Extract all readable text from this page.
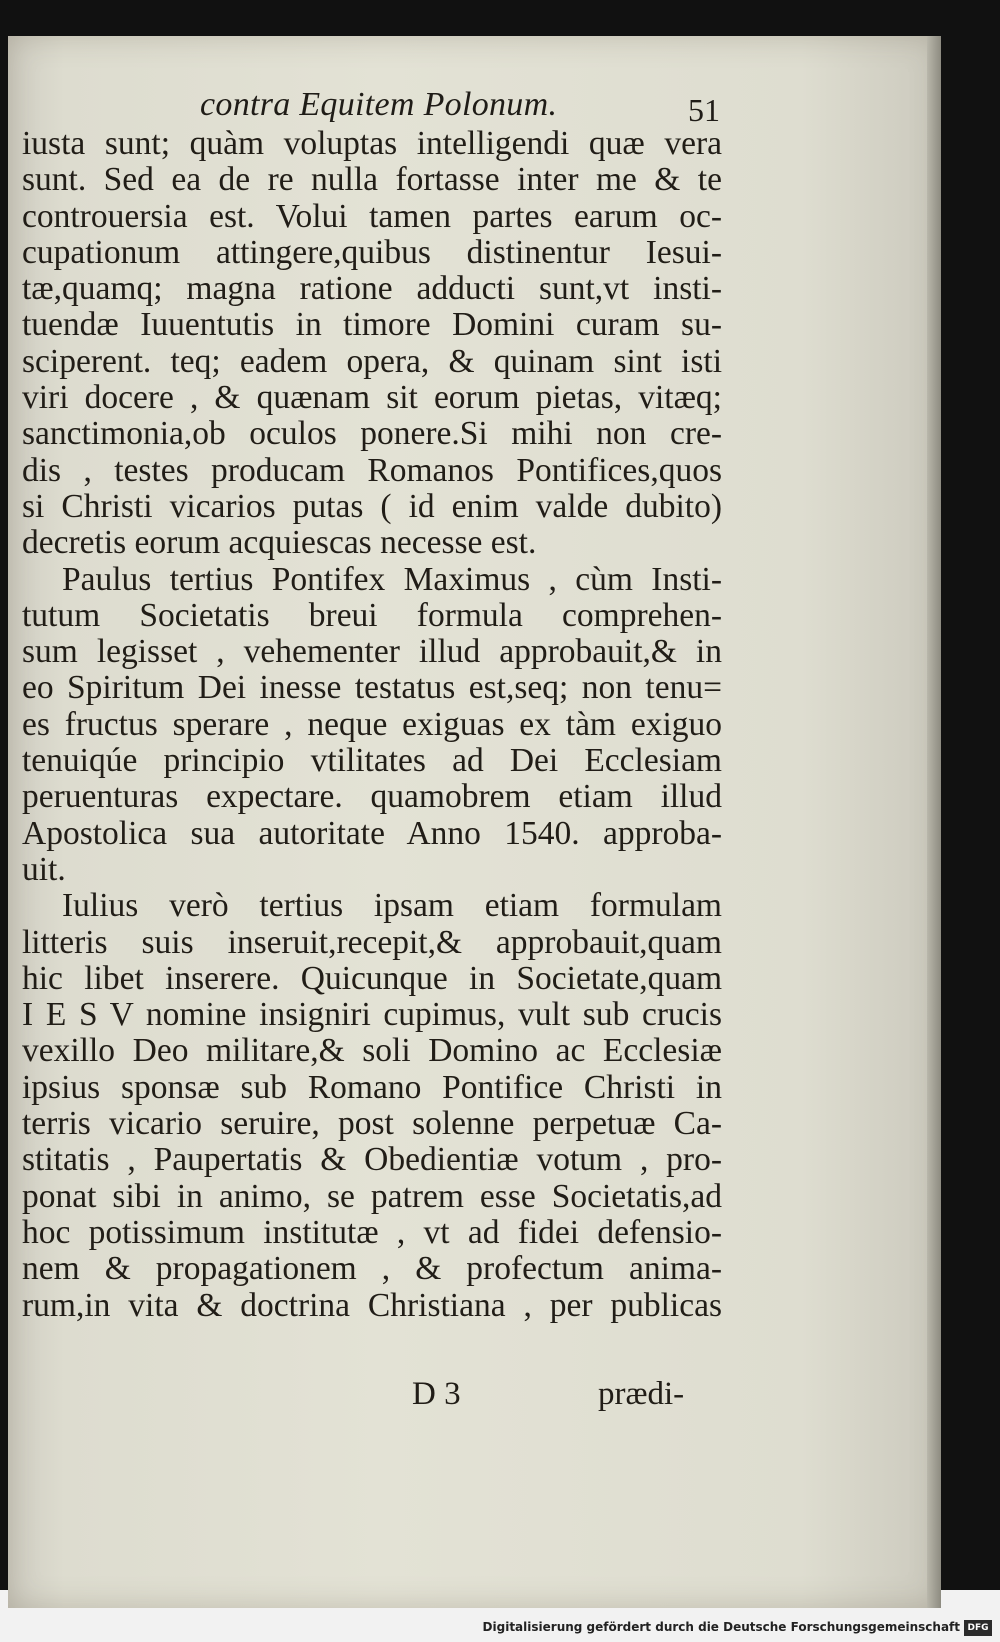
contra Equitem Polonum.	51
iusta sunt; quàm voluptas intelligendi quæ vera
sunt. Sed ea de re nulla fortasse inter me & te
controuersia est. Volui tamen partes earum oc-
cupationum attingere,quibus distinentur Iesui-
tæ,quamq; magna ratione adducti sunt,vt insti-
tuendæ Iuuentutis in timore Domini curam su-
sciperent. teq; eadem opera, & quinam sint isti
viri docere , & quænam sit eorum pietas, vitæq;
sanctimonia,ob oculos ponere.Si mihi non cre-
dis , testes producam Romanos Pontifices,quos
si Christi vicarios putas ( id enim valde dubito)
decretis eorum acquiescas necesse est.
Paulus tertius Pontifex Maximus , cùm Insti-
tutum Societatis breui formula comprehen-
sum legisset , vehementer illud approbauit,& in
eo Spiritum Dei inesse testatus est,seq; non tenu=
es fructus sperare , neque exiguas ex tàm exiguo
tenuiqúe principio vtilitates ad Dei Ecclesiam
peruenturas expectare. quamobrem etiam illud
Apostolica sua autoritate Anno 1540. approba-
uit.
Iulius verò tertius ipsam etiam formulam
litteris suis inseruit,recepit,& approbauit,quam
hic libet inserere. Quicunque in Societate,quam
I E S V nomine insigniri cupimus, vult sub crucis
vexillo Deo militare,& soli Domino ac Ecclesiæ
ipsius sponsæ sub Romano Pontifice Christi in
terris vicario seruire, post solenne perpetuæ Ca-
stitatis , Paupertatis & Obedientiæ votum , pro-
ponat sibi in animo, se patrem esse Societatis,ad
hoc potissimum institutæ , vt ad fidei defensio-
nem & propagationem , & profectum anima-
rum,in vita & doctrina Christiana , per publicas
D 3	prædi-
Digitalisierung gefördert durch die Deutsche Forschungsgemeinschaft DFG
